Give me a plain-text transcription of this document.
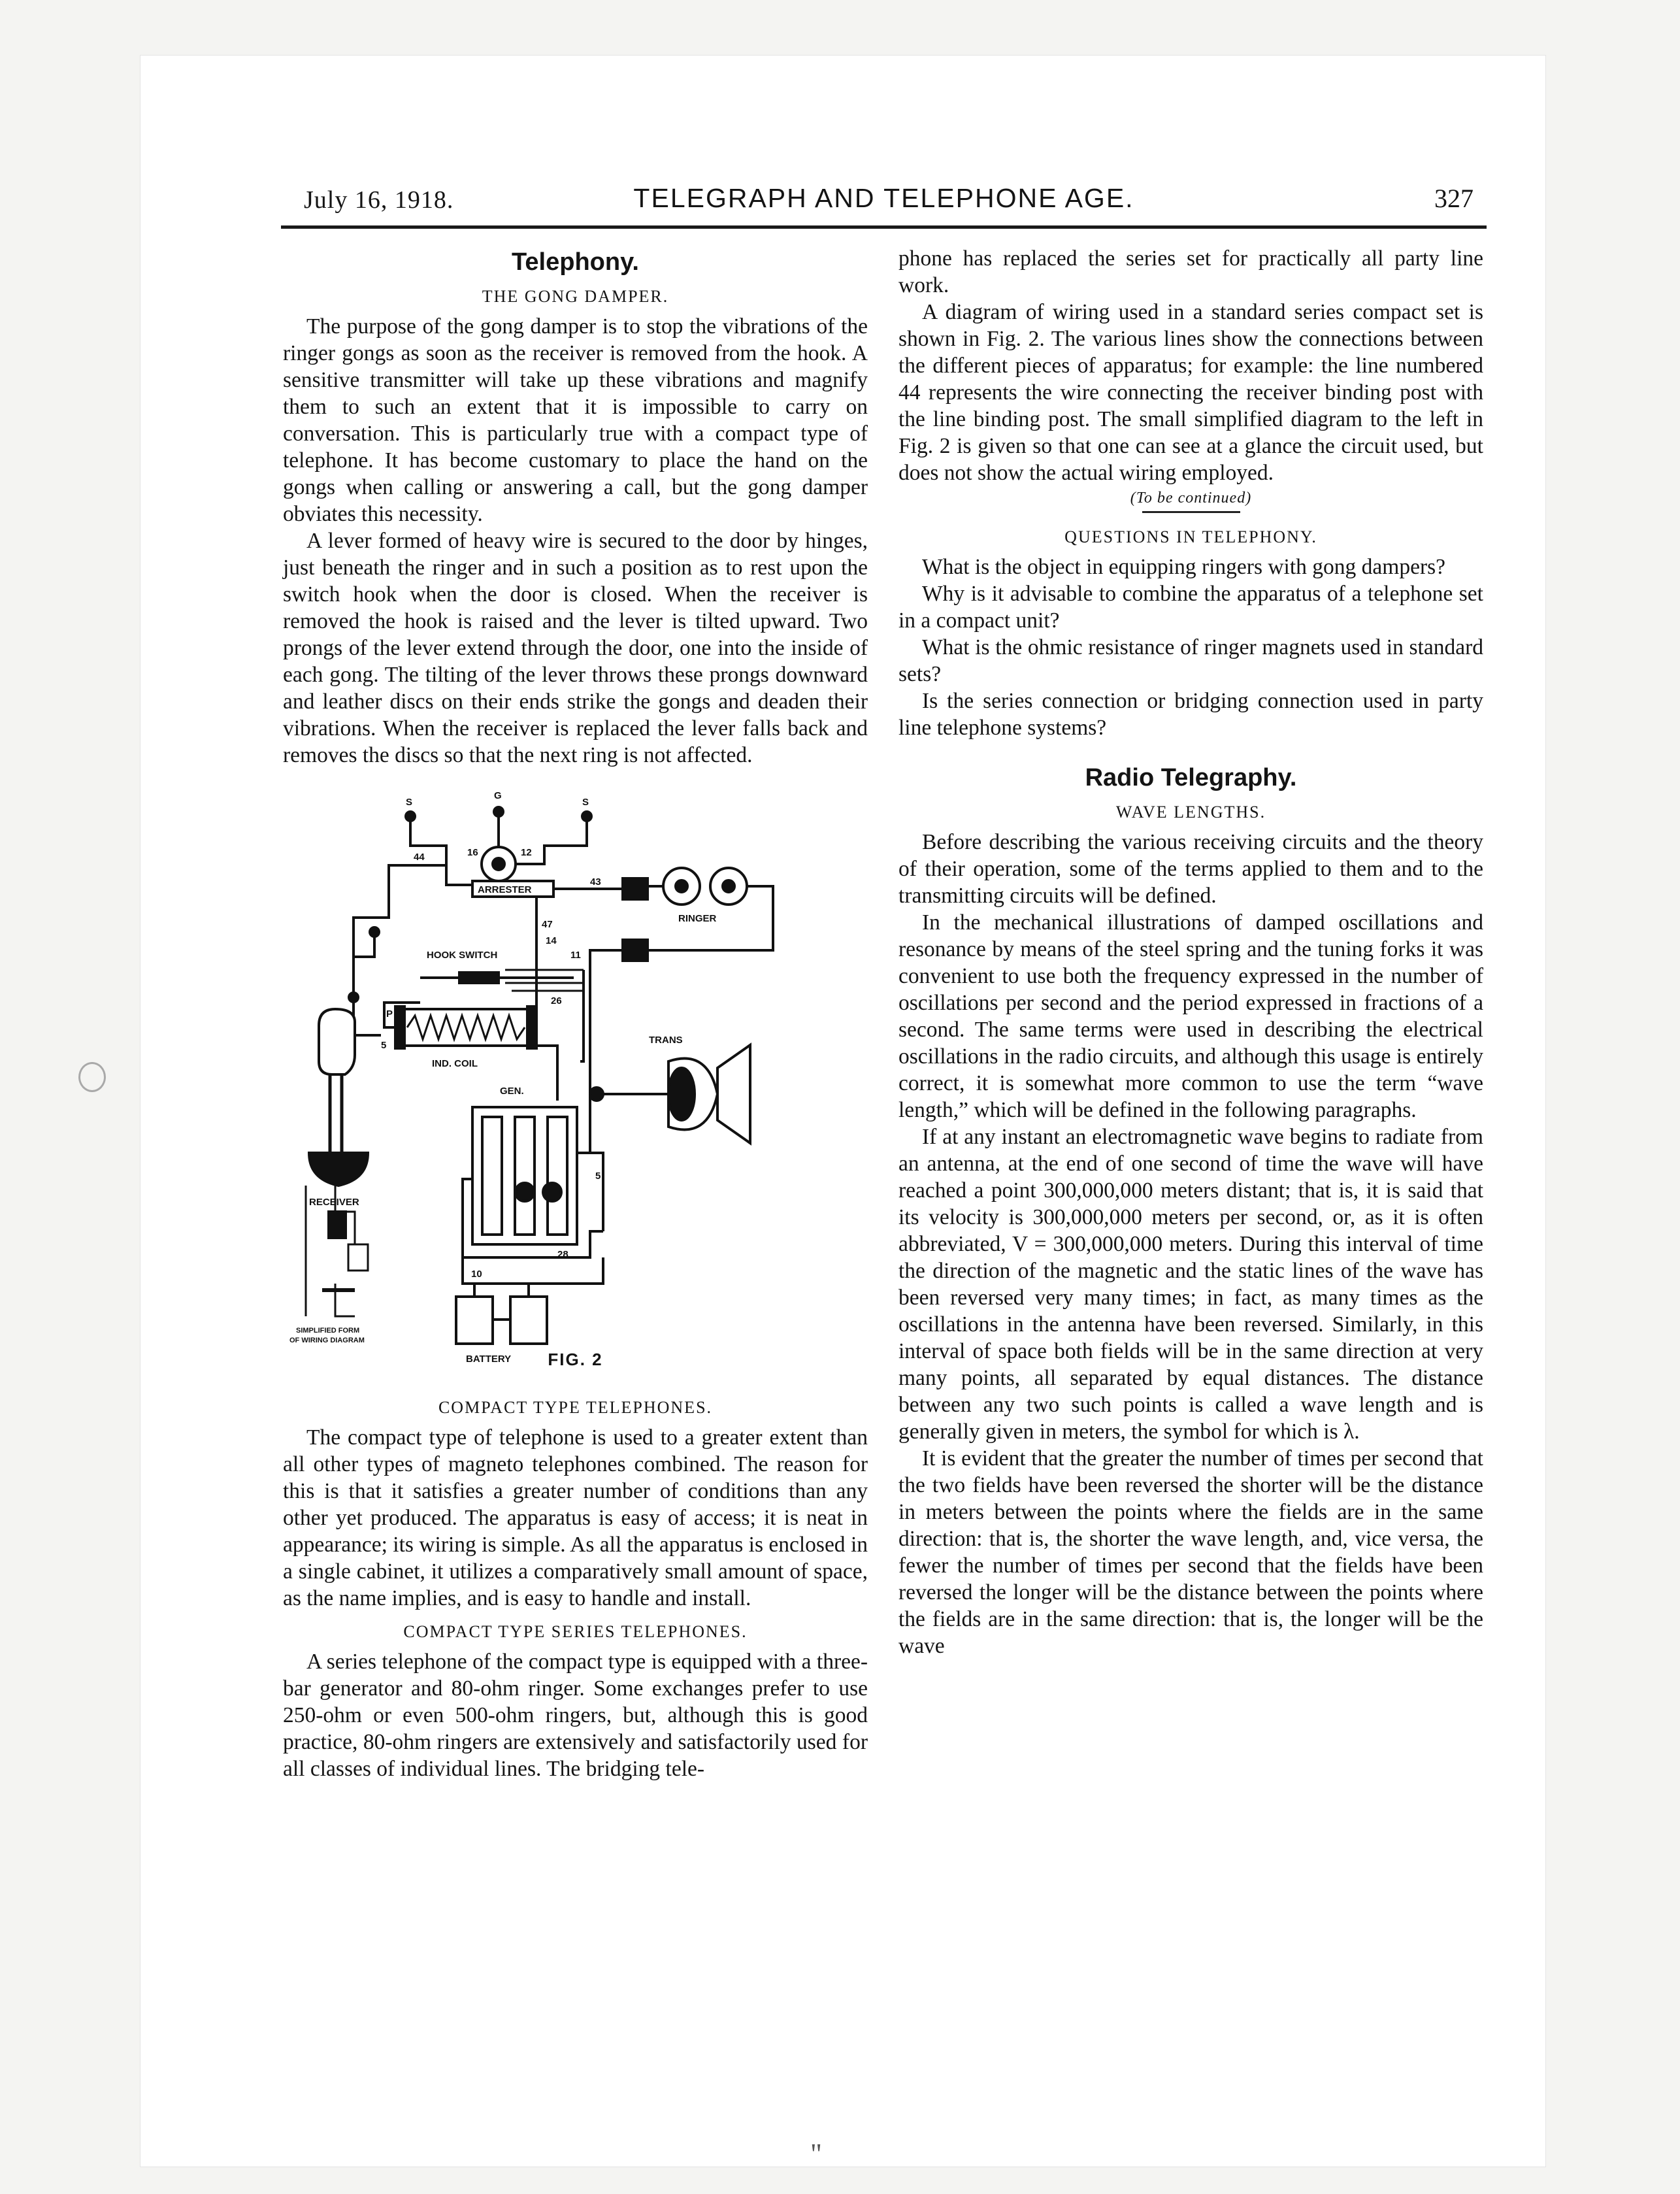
July 16, 1918.	TELEGRAPH AND TELEPHONE AGE.	327
Telephony.
THE GONG DAMPER.

The purpose of the gong damper is to stop the vibrations of the ringer gongs as soon as the receiver is removed from the hook. A sensitive transmitter will take up these vibrations and magnify them to such an extent that it is impossible to carry on conversation. This is particularly true with a compact type of telephone. It has become customary to place the hand on the gongs when calling or answering a call, but the gong damper obviates this necessity.

A lever formed of heavy wire is secured to the door by hinges, just beneath the ringer and in such a position as to rest upon the switch hook when the door is closed. When the receiver is removed the hook is raised and the lever is tilted upward. Two prongs of the lever extend through the door, one into the inside of each gong. The tilting of the lever throws these prongs downward and leather discs on their ends strike the gongs and deaden their vibrations. When the receiver is replaced the lever falls back and removes the discs so that the next ring is not affected.

S
G
S
16	12
ARRESTER
44
43
RINGER
47
HOOK SWITCH
14
11
26
P
5
IND. COIL
RECEIVER
TRANS
GEN.
5
28
10
BATTERY
SIMPLIFIED FORM
OF WIRING DIAGRAM
FIG. 2
COMPACT TYPE TELEPHONES.

The compact type of telephone is used to a greater extent than all other types of magneto telephones combined. The reason for this is that it satisfies a greater number of conditions than any other yet produced. The apparatus is easy of access; it is neat in appearance; its wiring is simple. As all the apparatus is enclosed in a single cabinet, it utilizes a comparatively small amount of space, as the name implies, and is easy to handle and install.

COMPACT TYPE SERIES TELEPHONES.

A series telephone of the compact type is equipped with a three-bar generator and 80-ohm ringer. Some exchanges prefer to use 250-ohm or even 500-ohm ringers, but, although this is good practice, 80-ohm ringers are extensively and satisfactorily used for all classes of individual lines. The bridging tele-

phone has replaced the series set for practically all party line work.

A diagram of wiring used in a standard series compact set is shown in Fig. 2. The various lines show the connections between the different pieces of apparatus; for example: the line numbered 44 represents the wire connecting the receiver binding post with the line binding post. The small simplified diagram to the left in Fig. 2 is given so that one can see at a glance the circuit used, but does not show the actual wiring employed.

(To be continued)
QUESTIONS IN TELEPHONY.

What is the object in equipping ringers with gong dampers?

Why is it advisable to combine the apparatus of a telephone set in a compact unit?

What is the ohmic resistance of ringer magnets used in standard sets?

Is the series connection or bridging connection used in party line telephone systems?

Radio Telegraphy.
WAVE LENGTHS.

Before describing the various receiving circuits and the theory of their operation, some of the terms applied to them and to the transmitting circuits will be defined.

In the mechanical illustrations of damped oscillations and resonance by means of the steel spring and the tuning forks it was convenient to use both the frequency expressed in the number of oscillations per second and the period expressed in fractions of a second. The same terms were used in describing the electrical oscillations in the radio circuits, and although this usage is entirely correct, it is somewhat more common to use the term “wave length,” which will be defined in the following paragraphs.

If at any instant an electromagnetic wave begins to radiate from an antenna, at the end of one second of time the wave will have reached a point 300,000,000 meters distant; that is, it is said that its velocity is 300,000,000 meters per second, or, as it is often abbreviated, V = 300,000,000 meters. During this interval of time the direction of the magnetic and the static lines of the wave has been reversed very many times; in fact, as many times as the oscillations in the antenna have been reversed. Similarly, in this interval of space both fields will be in the same direction at very many points, all separated by equal distances. The distance between any two such points is called a wave length and is generally given in meters, the symbol for which is λ.

It is evident that the greater the number of times per second that the two fields have been reversed the shorter will be the distance in meters between the points where the fields are in the same direction: that is, the shorter the wave length, and, vice versa, the fewer the number of times per second that the fields have been reversed the longer will be the distance between the points where the fields are in the same direction: that is, the longer will be the wave

"
